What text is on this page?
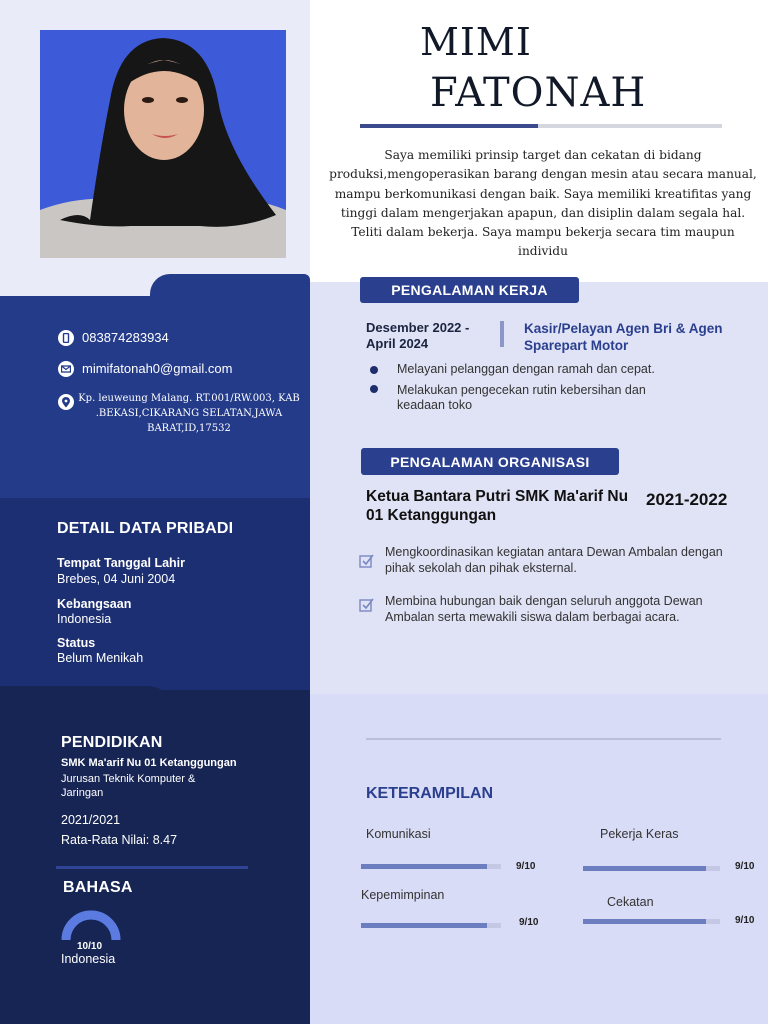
MIMI
FATONAH
Saya memiliki prinsip target dan cekatan di bidang produksi,mengoperasikan barang dengan mesin atau secara manual, mampu berkomunikasi dengan baik. Saya memiliki kreatifitas yang tinggi dalam mengerjakan apapun, dan disiplin dalam segala hal. Teliti dalam bekerja. Saya mampu bekerja secara tim maupun individu
083874283934
mimifatonah0@gmail.com
Kp. leuweung Malang. RT.001/RW.003, KAB .BEKASI,CIKARANG SELATAN,JAWA BARAT,ID,17532
DETAIL DATA PRIBADI
Tempat Tanggal Lahir
Brebes, 04 Juni 2004
Kebangsaan
Indonesia
Status
Belum Menikah
PENDIDIKAN
SMK Ma'arif Nu 01 Ketanggungan
Jurusan Teknik Komputer & Jaringan
2021/2021
Rata-Rata Nilai: 8.47
BAHASA
10/10
Indonesia
PENGALAMAN KERJA
Desember 2022 - April 2024
Kasir/Pelayan Agen Bri & Agen Sparepart Motor
Melayani pelanggan dengan ramah dan cepat.
Melakukan pengecekan rutin kebersihan dan keadaan toko
PENGALAMAN ORGANISASI
Ketua Bantara Putri SMK Ma'arif Nu 01 Ketanggungan
2021-2022
Mengkoordinasikan kegiatan antara Dewan Ambalan dengan pihak sekolah dan pihak eksternal.
Membina hubungan baik dengan seluruh anggota Dewan Ambalan serta mewakili siswa dalam berbagai acara.
KETERAMPILAN
Komunikasi
9/10
Pekerja Keras
9/10
Kepemimpinan
9/10
Cekatan
9/10
